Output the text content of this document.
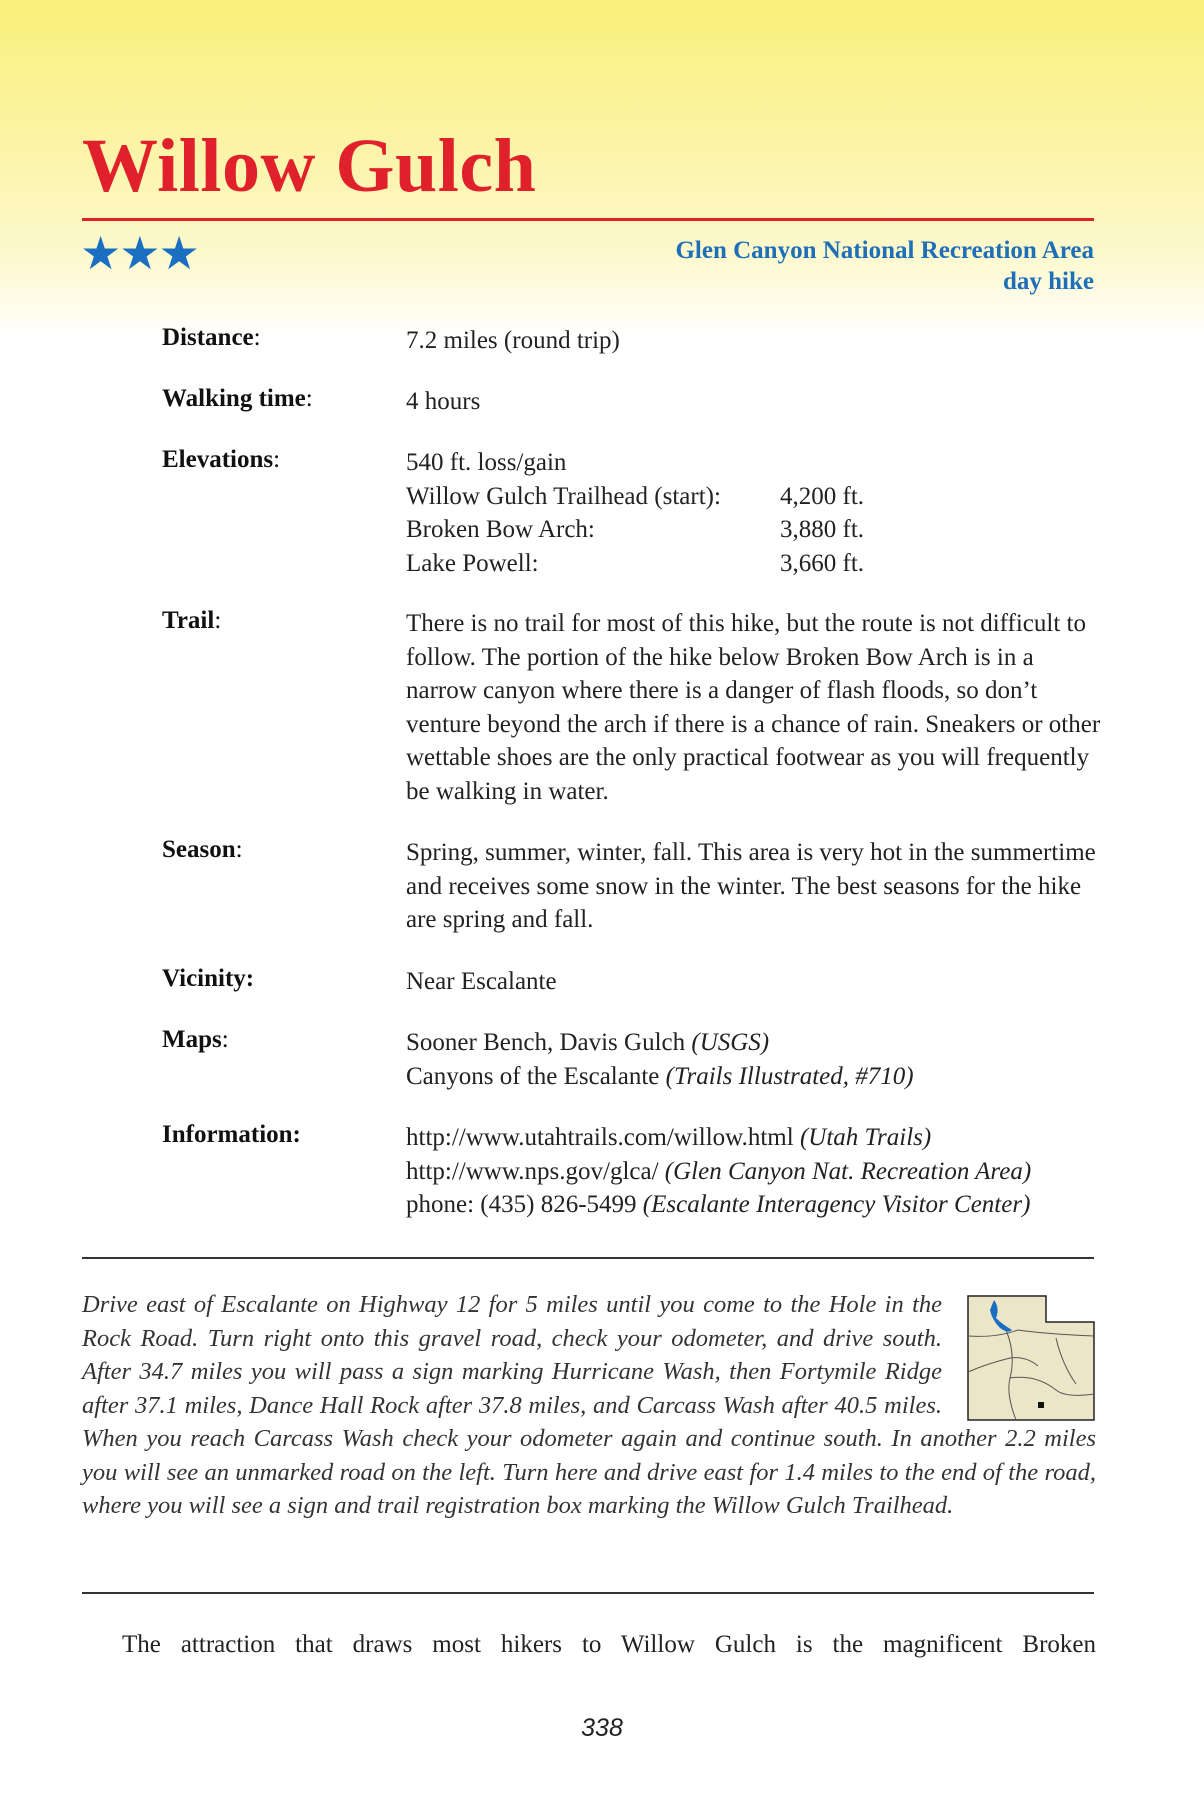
Willow Gulch
★★★	Glen Canyon National Recreation Area
day hike
Distance:	7.2 miles (round trip)
Walking time:	4 hours
Elevations:	540 ft. loss/gain
Willow Gulch Trailhead (start):	4,200 ft.
Broken Bow Arch:	3,880 ft.
Lake Powell:	3,660 ft.
Trail:	There is no trail for most of this hike, but the route is not difficult to follow. The portion of the hike below Broken Bow Arch is in a narrow canyon where there is a danger of flash floods, so don’t venture beyond the arch if there is a chance of rain. Sneakers or other wettable shoes are the only practical footwear as you will frequently be walking in water.
Season:	Spring, summer, winter, fall. This area is very hot in the summertime and receives some snow in the winter. The best seasons for the hike are spring and fall.
Vicinity:	Near Escalante
Maps:	Sooner Bench, Davis Gulch (USGS)
Canyons of the Escalante (Trails Illustrated, #710)
Information:	http://www.utahtrails.com/willow.html (Utah Trails)
http://www.nps.gov/glca/ (Glen Canyon Nat. Recreation Area)
phone: (435) 826-5499 (Escalante Interagency Visitor Center)
Drive east of Escalante on Highway 12 for 5 miles until you come to the Hole in the Rock Road. Turn right onto this gravel road, check your odometer, and drive south. After 34.7 miles you will pass a sign marking Hurricane Wash, then Fortymile Ridge after 37.1 miles, Dance Hall Rock after 37.8 miles, and Carcass Wash after 40.5 miles. When you reach Carcass Wash check your odometer again and continue south. In another 2.2 miles you will see an unmarked road on the left. Turn here and drive east for 1.4 miles to the end of the road, where you will see a sign and trail registration box marking the Willow Gulch Trailhead.
The attraction that draws most hikers to Willow Gulch is the magnificent Broken
338
